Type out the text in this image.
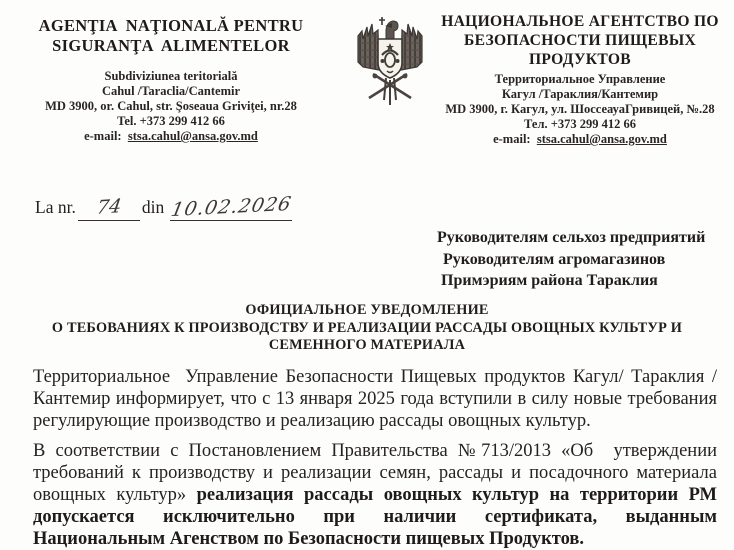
AGENŢIA  NAŢIONALĂ PENTRU
SIGURANŢA  ALIMENTELOR
Subdiviziunea teritorială
Cahul /Taraclia/Cantemir
MD 3900, or. Cahul, str. Şoseaua Griviţei, nr.28
Tel. +373 299 412 66
e-mail: stsa.cahul@ansa.gov.md
НАЦИОНАЛЬНОЕ АГЕНТСТВО ПО
БЕЗОПАСНОСТИ ПИЩЕВЫХ
ПРОДУКТОВ
Территориальное Управление
Кагул /Тараклия/Кантемир
MD 3900, г. Кагул, ул. ШоссеауаГривицей, №.28
Тел. +373 299 412 66
e-mail: stsa.cahul@ansa.gov.md
La nr. 74 din 10.02.2026
Руководителям сельхоз предприятий
Руководителям агромагазинов
Примэриям района Тараклия
ОФИЦИАЛЬНОЕ УВЕДОМЛЕНИЕ
О ТЕБОВАНИЯХ К ПРОИЗВОДСТВУ И РЕАЛИЗАЦИИ РАССАДЫ ОВОЩНЫХ КУЛЬТУР И
СЕМЕННОГО МАТЕРИАЛА

Территориальное  Управление Безопасности Пищевых продуктов Кагул/ Тараклия / Кантемир информирует, что с 13 января 2025 года вступили в силу новые требования регулирующие производство и реализацию рассады овощных культур.

В соответствии с Постановлением Правительства №713/2013 «Об  утверждении требований к производству и реализации семян, рассады и посадочного материала овощных культур» реализация рассады овощных культур на территории РМ допускается исключительно при наличии сертификата, выданным Национальным Агенством по Безопасности пищевых Продуктов.
